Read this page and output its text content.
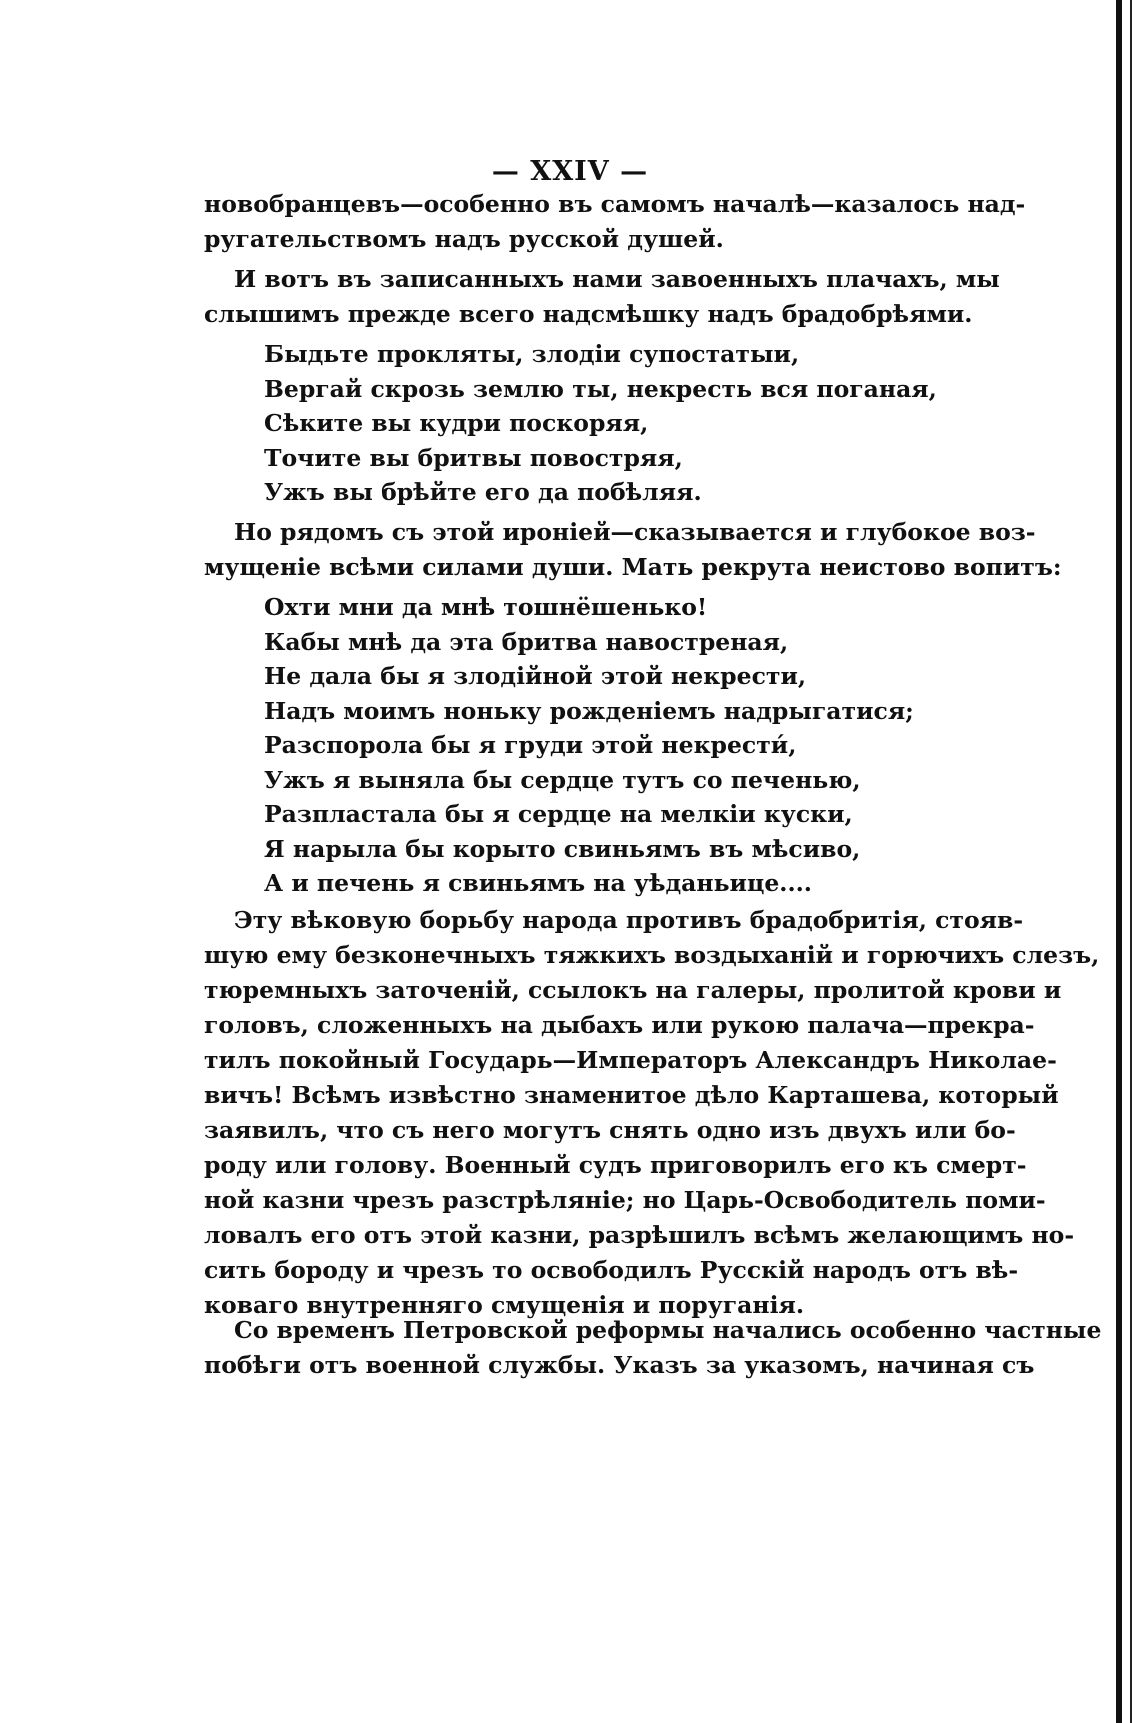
— XXIV —
новобранцевъ—особенно въ самомъ началѣ—казалось над-
ругательствомъ надъ русской душей.
И вотъ въ записанныхъ нами завоенныхъ плачахъ, мы
слышимъ прежде всего надсмѣшку надъ брадобрѣями.
Быдьте прокляты, злодiи супостатыи,
Вергай скрозь землю ты, некресть вся поганая,
Сѣките вы кудри поскоряя,
Точите вы бритвы повостряя,
Ужъ вы брѣйте его да побѣляя.
Но рядомъ съ этой ироніей—сказывается и глубокое воз-
мущеніе всѣми силами души. Мать рекрута неистово вопитъ:
Охти мни да мнѣ тошнёшенько!
Кабы мнѣ да эта бритва навостреная,
Не дала бы я злодiйной этой некрести,
Надъ моимъ ноньку рожденiемъ надрыгатися;
Разспорола бы я груди этой некрести́,
Ужъ я выняла бы сердце тутъ со печенью,
Разпластала бы я сердце на мелкiи куски,
Я нарыла бы корыто свиньямъ въ мѣсиво,
А и печень я свиньямъ на уѣданьице....
Эту вѣковую борьбу народа противъ брадобритія, стояв-
шую ему безконечныхъ тяжкихъ воздыханій и горючихъ слезъ,
тюремныхъ заточеній, ссылокъ на галеры, пролитой крови и
головъ, сложенныхъ на дыбахъ или рукою палача—прекра-
тилъ покойный Государь—Императоръ Александръ Николае-
вичъ! Всѣмъ извѣстно знаменитое дѣло Карташева, который
заявилъ, что съ него могутъ снять одно изъ двухъ или бо-
роду или голову. Военный судъ приговорилъ его къ смерт-
ной казни чрезъ разстрѣляніе; но Царь-Освободитель поми-
ловалъ его отъ этой казни, разрѣшилъ всѣмъ желающимъ но-
сить бороду и чрезъ то освободилъ Русскій народъ отъ вѣ-
коваго внутренняго смущенія и поруганія.
Со временъ Петровской реформы начались особенно частные
побѣги отъ военной службы. Указъ за указомъ, начиная съ
